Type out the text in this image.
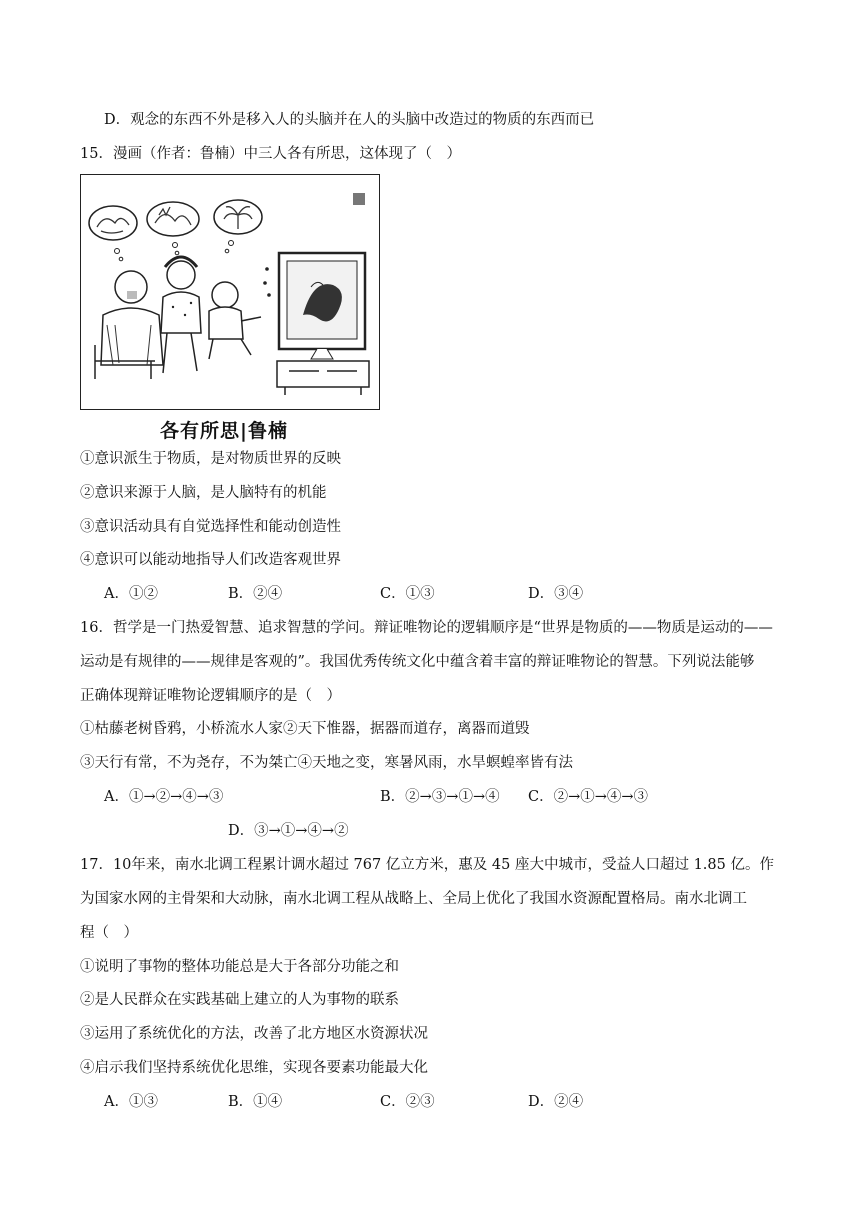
D．观念的东西不外是移入人的头脑并在人的头脑中改造过的物质的东西而已
15．漫画（作者：鲁楠）中三人各有所思，这体现了（　）
各有所思|鲁楠
①意识派生于物质，是对物质世界的反映
②意识来源于人脑，是人脑特有的机能
③意识活动具有自觉选择性和能动创造性
④意识可以能动地指导人们改造客观世界
A．①②	B．②④	C．①③	D．③④
16．哲学是一门热爱智慧、追求智慧的学问。辩证唯物论的逻辑顺序是“世界是物质的——物质是运动的——
运动是有规律的——规律是客观的”。我国优秀传统文化中蕴含着丰富的辩证唯物论的智慧。下列说法能够
正确体现辩证唯物论逻辑顺序的是（　）
①枯藤老树昏鸦，小桥流水人家②天下惟器，据器而道存，离器而道毁
③天行有常，不为尧存，不为桀亡④天地之变，寒暑风雨，水旱螟蝗率皆有法
A．①→②→④→③	B．②→③→①→④ C．②→①→④→③
D．③→①→④→②
17．10年来，南水北调工程累计调水超过 767 亿立方米，惠及 45 座大中城市，受益人口超过 1.85 亿。作
为国家水网的主骨架和大动脉，南水北调工程从战略上、全局上优化了我国水资源配置格局。南水北调工
程（　）
①说明了事物的整体功能总是大于各部分功能之和
②是人民群众在实践基础上建立的人为事物的联系
③运用了系统优化的方法，改善了北方地区水资源状况
④启示我们坚持系统优化思维，实现各要素功能最大化
A．①③	B．①④	C．②③	D．②④
